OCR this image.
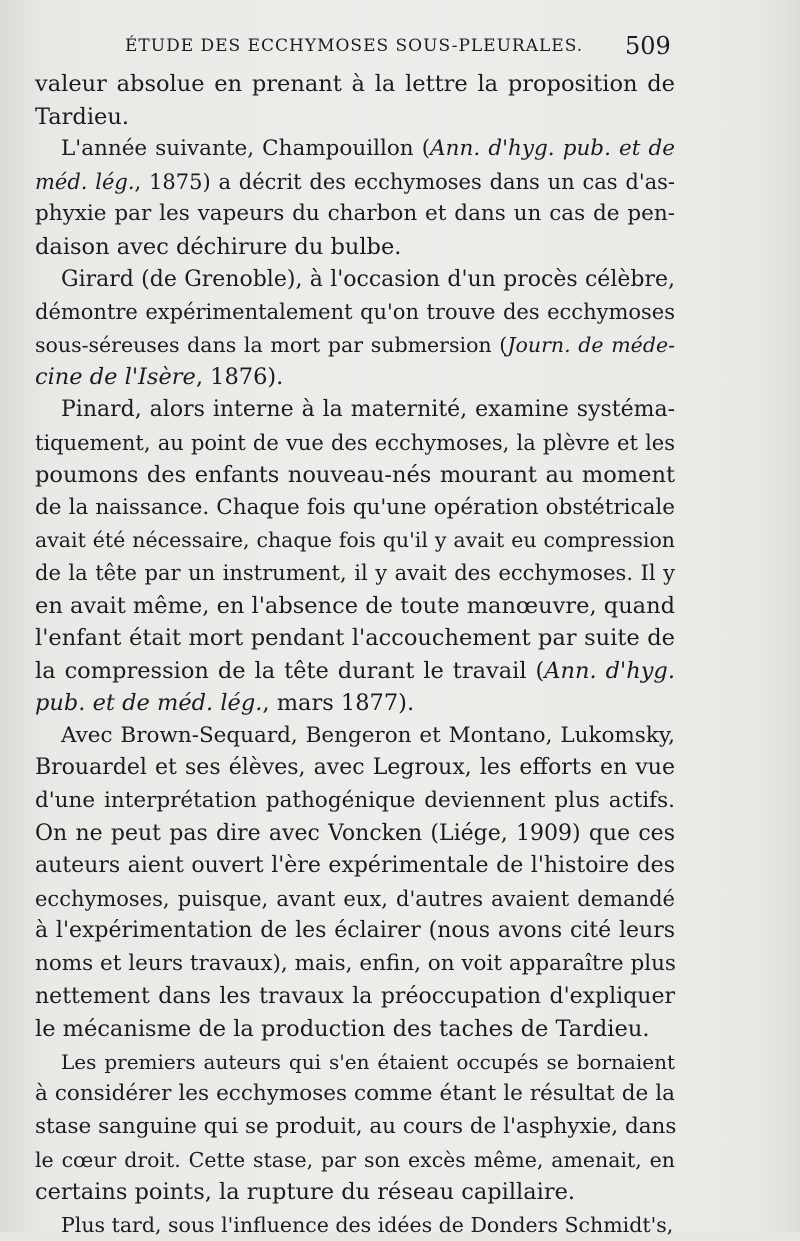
ÉTUDE DES ECCHYMOSES SOUS-PLEURALES. 509
valeur absolue en prenant à la lettre la proposition de
Tardieu.
L'année suivante, Champouillon (Ann. d'hyg. pub. et de
méd. lég., 1875) a décrit des ecchymoses dans un cas d'as-
phyxie par les vapeurs du charbon et dans un cas de pen-
daison avec déchirure du bulbe.
Girard (de Grenoble), à l'occasion d'un procès célèbre,
démontre expérimentalement qu'on trouve des ecchymoses
sous-séreuses dans la mort par submersion (Journ. de méde-
cine de l'Isère, 1876).
Pinard, alors interne à la maternité, examine systéma-
tiquement, au point de vue des ecchymoses, la plèvre et les
poumons des enfants nouveau-nés mourant au moment
de la naissance. Chaque fois qu'une opération obstétricale
avait été nécessaire, chaque fois qu'il y avait eu compression
de la tête par un instrument, il y avait des ecchymoses. Il y
en avait même, en l'absence de toute manœuvre, quand
l'enfant était mort pendant l'accouchement par suite de
la compression de la tête durant le travail (Ann. d'hyg.
pub. et de méd. lég., mars 1877).
Avec Brown-Sequard, Bengeron et Montano, Lukomsky,
Brouardel et ses élèves, avec Legroux, les efforts en vue
d'une interprétation pathogénique deviennent plus actifs.
On ne peut pas dire avec Voncken (Liége, 1909) que ces
auteurs aient ouvert l'ère expérimentale de l'histoire des
ecchymoses, puisque, avant eux, d'autres avaient demandé
à l'expérimentation de les éclairer (nous avons cité leurs
noms et leurs travaux), mais, enfin, on voit apparaître plus
nettement dans les travaux la préoccupation d'expliquer
le mécanisme de la production des taches de Tardieu.
Les premiers auteurs qui s'en étaient occupés se bornaient
à considérer les ecchymoses comme étant le résultat de la
stase sanguine qui se produit, au cours de l'asphyxie, dans
le cœur droit. Cette stase, par son excès même, amenait, en
certains points, la rupture du réseau capillaire.
Plus tard, sous l'influence des idées de Donders Schmidt's,
